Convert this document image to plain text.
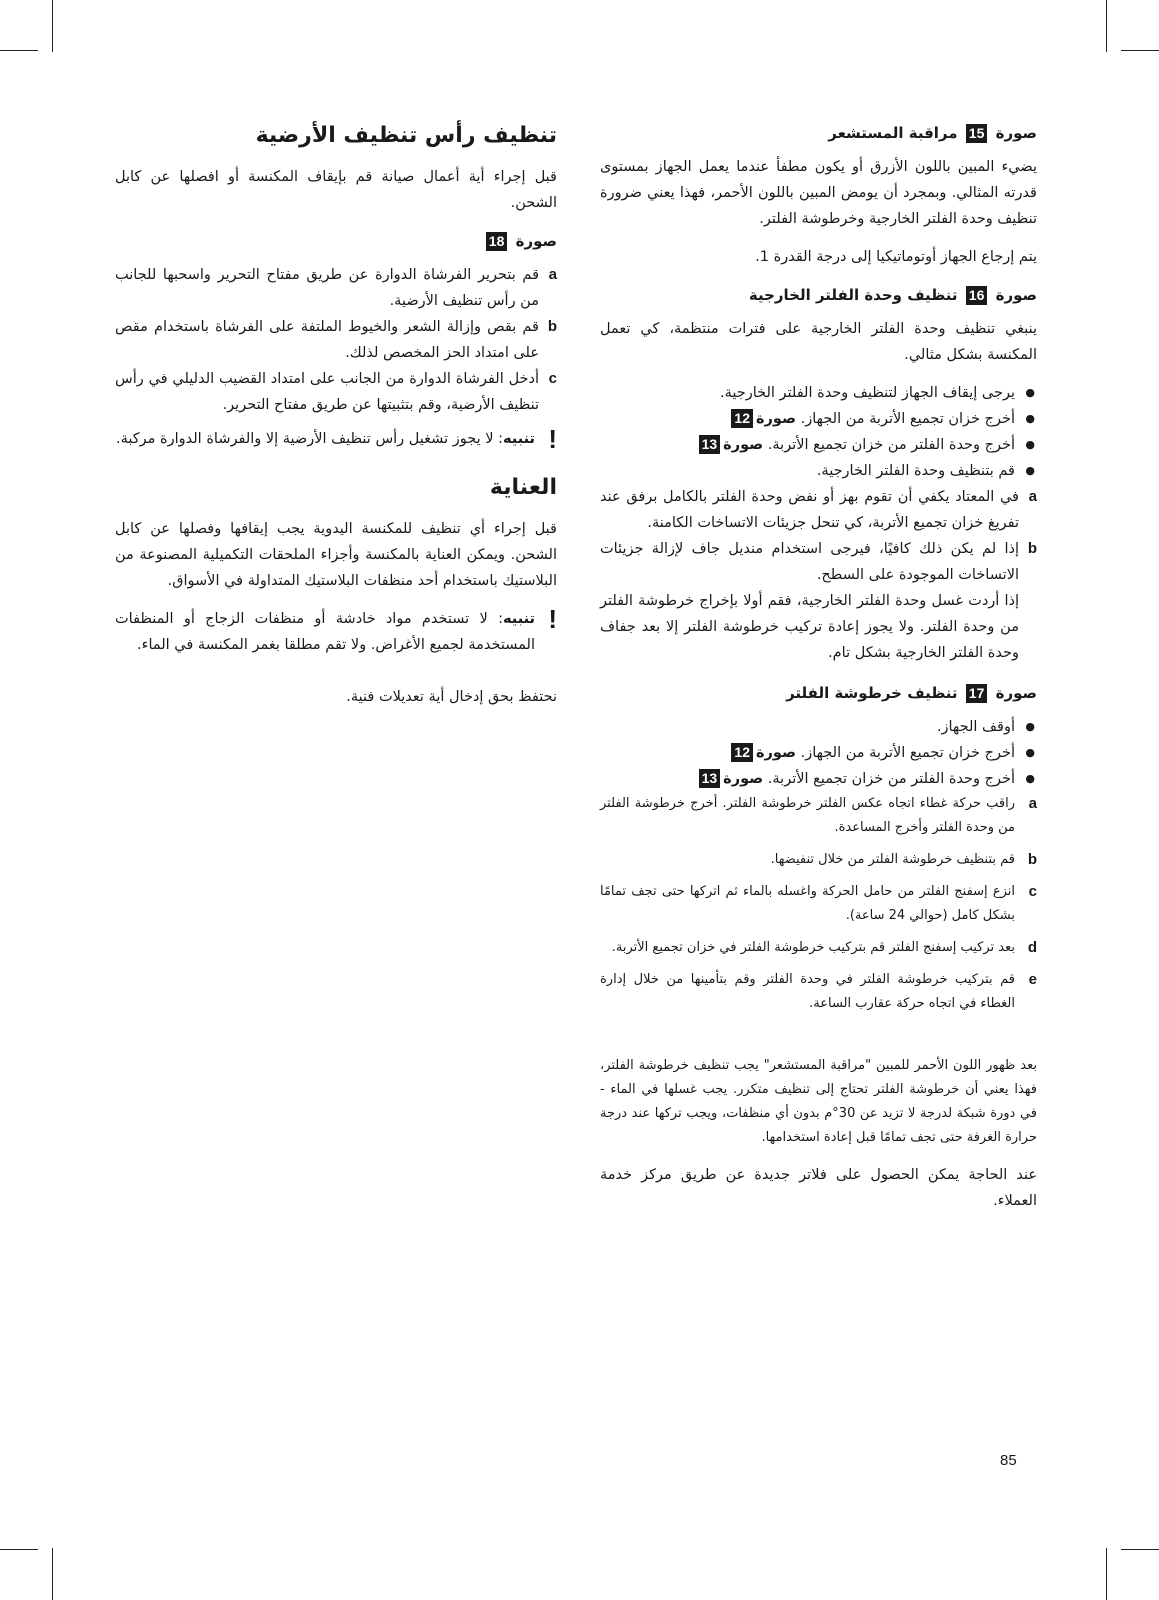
صورة 15 مراقبة المستشعر

يضيء المبين باللون الأزرق أو يكون مطفأ عندما يعمل الجهاز بمستوى قدرته المثالي. وبمجرد أن يومض المبين باللون الأحمر، فهذا يعني ضرورة تنظيف وحدة الفلتر الخارجية وخرطوشة الفلتر.

يتم إرجاع الجهاز أوتوماتيكيا إلى درجة القدرة 1.

صورة 16 تنظيف وحدة الفلتر الخارجية

ينبغي تنظيف وحدة الفلتر الخارجية على فترات منتظمة، كي تعمل المكنسة بشكل مثالي.

● يرجى إيقاف الجهاز لتنظيف وحدة الفلتر الخارجية.
● أخرج خزان تجميع الأتربة من الجهاز. صورة12
● أخرج وحدة الفلتر من خزان تجميع الأتربة. صورة13
● قم بتنظيف وحدة الفلتر الخارجية.
a
في المعتاد يكفي أن تقوم بهز أو نفض وحدة الفلتر بالكامل برفق عند تفريغ خزان تجميع الأتربة، كي تنحل جزيئات الاتساخات الكامنة.
b
إذا لم يكن ذلك كافيًا، فيرجى استخدام منديل جاف لإزالة جزيئات الاتساخات الموجودة على السطح.
إذا أردت غسل وحدة الفلتر الخارجية، فقم أولا بإخراج خرطوشة الفلتر من وحدة الفلتر. ولا يجوز إعادة تركيب خرطوشة الفلتر إلا بعد جفاف وحدة الفلتر الخارجية بشكل تام.
صورة 17 تنظيف خرطوشة الفلتر
● أوقف الجهاز.
● أخرج خزان تجميع الأتربة من الجهاز. صورة12
● أخرج وحدة الفلتر من خزان تجميع الأتربة. صورة13
a
راقب حركة غطاء اتجاه عكس الفلتر خرطوشة الفلتر. أخرج خرطوشة الفلتر من وحدة الفلتر وأخرج المساعدة.
b
قم بتنظيف خرطوشة الفلتر من خلال تنفيضها.
c
انزع إسفنج الفلتر من حامل الحركة واغسله بالماء ثم اتركها حتى تجف تمامًا بشكل كامل (حوالي 24 ساعة).
d
بعد تركيب إسفنج الفلتر قم بتركيب خرطوشة الفلتر في خزان تجميع الأتربة.
e
قم بتركيب خرطوشة الفلتر في وحدة الفلتر وقم بتأمينها من خلال إدارة الغطاء في اتجاه حركة عقارب الساعة.

بعد ظهور اللون الأحمر للمبين "مراقبة المستشعر" يجب تنظيف خرطوشة الفلتر، فهذا يعني أن خرطوشة الفلتر تحتاج إلى تنظيف متكرر. يجب غسلها في الماء - في دورة شبكة لدرجة لا تزيد عن 30°م بدون أي منظفات، ويجب تركها عند درجة حرارة الغرفة حتى تجف تمامًا قبل إعادة استخدامها.

عند الحاجة يمكن الحصول على فلاتر جديدة عن طريق مركز خدمة العملاء.

تنظيف رأس تنظيف الأرضية

قبل إجراء أية أعمال صيانة قم بإيقاف المكنسة أو افصلها عن كابل الشحن.

صورة 18
a
قم بتحرير الفرشاة الدوارة عن طريق مفتاح التحرير واسحبها للجانب من رأس تنظيف الأرضية.
b
قم بقص وإزالة الشعر والخيوط الملتفة على الفرشاة باستخدام مقص على امتداد الحز المخصص لذلك.
c
أدخل الفرشاة الدوارة من الجانب على امتداد القضيب الدليلي في رأس تنظيف الأرضية، وقم بتثبيتها عن طريق مفتاح التحرير.
!
تنبيه: لا يجوز تشغيل رأس تنظيف الأرضية إلا والفرشاة الدوارة مركبة.
العناية

قبل إجراء أي تنظيف للمكنسة اليدوية يجب إيقافها وفصلها عن كابل الشحن. ويمكن العناية بالمكنسة وأجزاء الملحقات التكميلية المصنوعة من البلاستيك باستخدام أحد منظفات البلاستيك المتداولة في الأسواق.

!
تنبيه: لا تستخدم مواد خادشة أو منظفات الزجاج أو المنظفات المستخدمة لجميع الأغراض. ولا تقم مطلقا بغمر المكنسة في الماء.

نحتفظ بحق إدخال أية تعديلات فنية.

85
